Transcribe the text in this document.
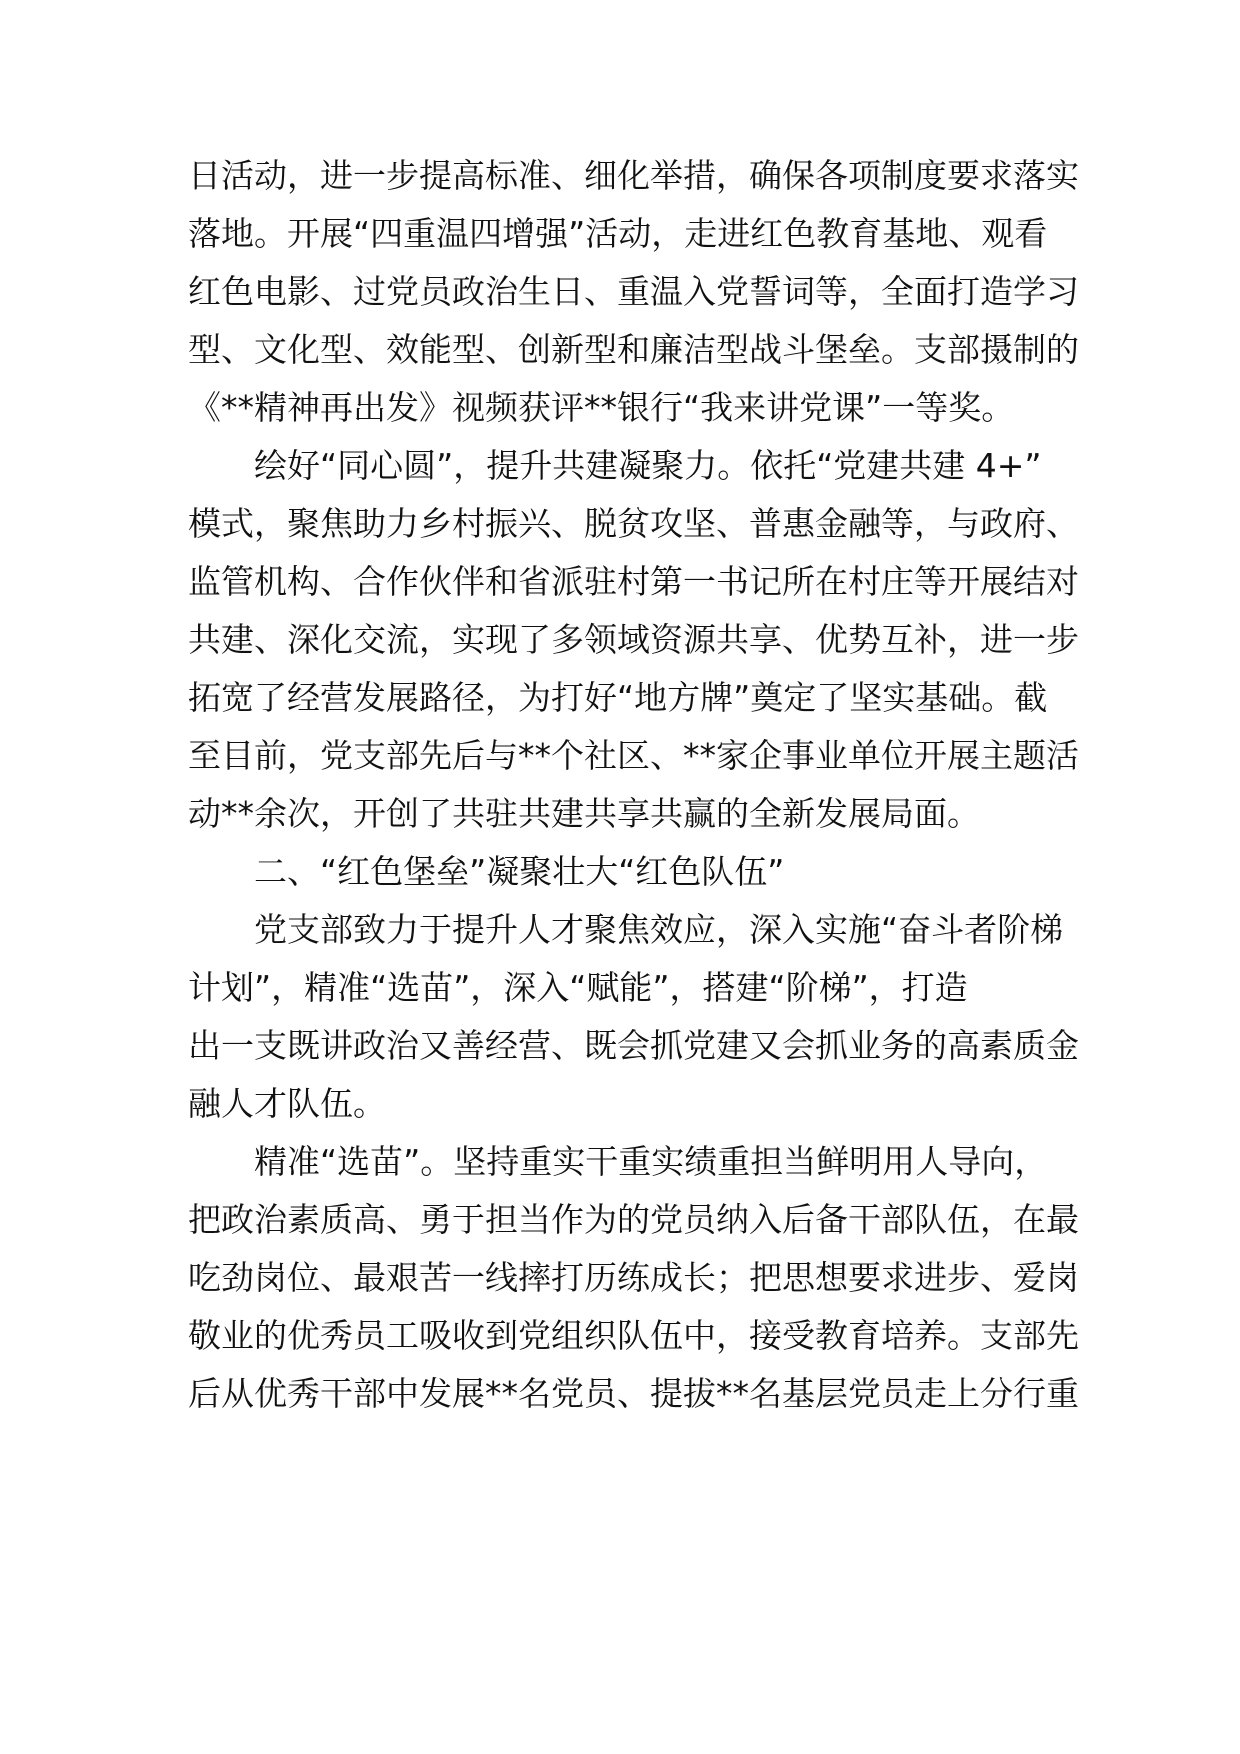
日活动，进一步提高标准、细化举措，确保各项制度要求落实
落地。开展“四重温四增强”活动，走进红色教育基地、观看
红色电影、过党员政治生日、重温入党誓词等，全面打造学习
型、文化型、效能型、创新型和廉洁型战斗堡垒。支部摄制的
《**精神再出发》视频获评**银行“我来讲党课”一等奖。
绘好“同心圆”，提升共建凝聚力。依托“党建共建 4+”
模式，聚焦助力乡村振兴、脱贫攻坚、普惠金融等，与政府、
监管机构、合作伙伴和省派驻村第一书记所在村庄等开展结对
共建、深化交流，实现了多领域资源共享、优势互补，进一步
拓宽了经营发展路径，为打好“地方牌”奠定了坚实基础。截
至目前，党支部先后与**个社区、**家企事业单位开展主题活
动**余次，开创了共驻共建共享共赢的全新发展局面。
二、“红色堡垒”凝聚壮大“红色队伍”
党支部致力于提升人才聚焦效应，深入实施“奋斗者阶梯
计划”，精准“选苗”，深入“赋能”，搭建“阶梯”，打造
出一支既讲政治又善经营、既会抓党建又会抓业务的高素质金
融人才队伍。
精准“选苗”。坚持重实干重实绩重担当鲜明用人导向，
把政治素质高、勇于担当作为的党员纳入后备干部队伍，在最
吃劲岗位、最艰苦一线摔打历练成长；把思想要求进步、爱岗
敬业的优秀员工吸收到党组织队伍中，接受教育培养。支部先
后从优秀干部中发展**名党员、提拔**名基层党员走上分行重
